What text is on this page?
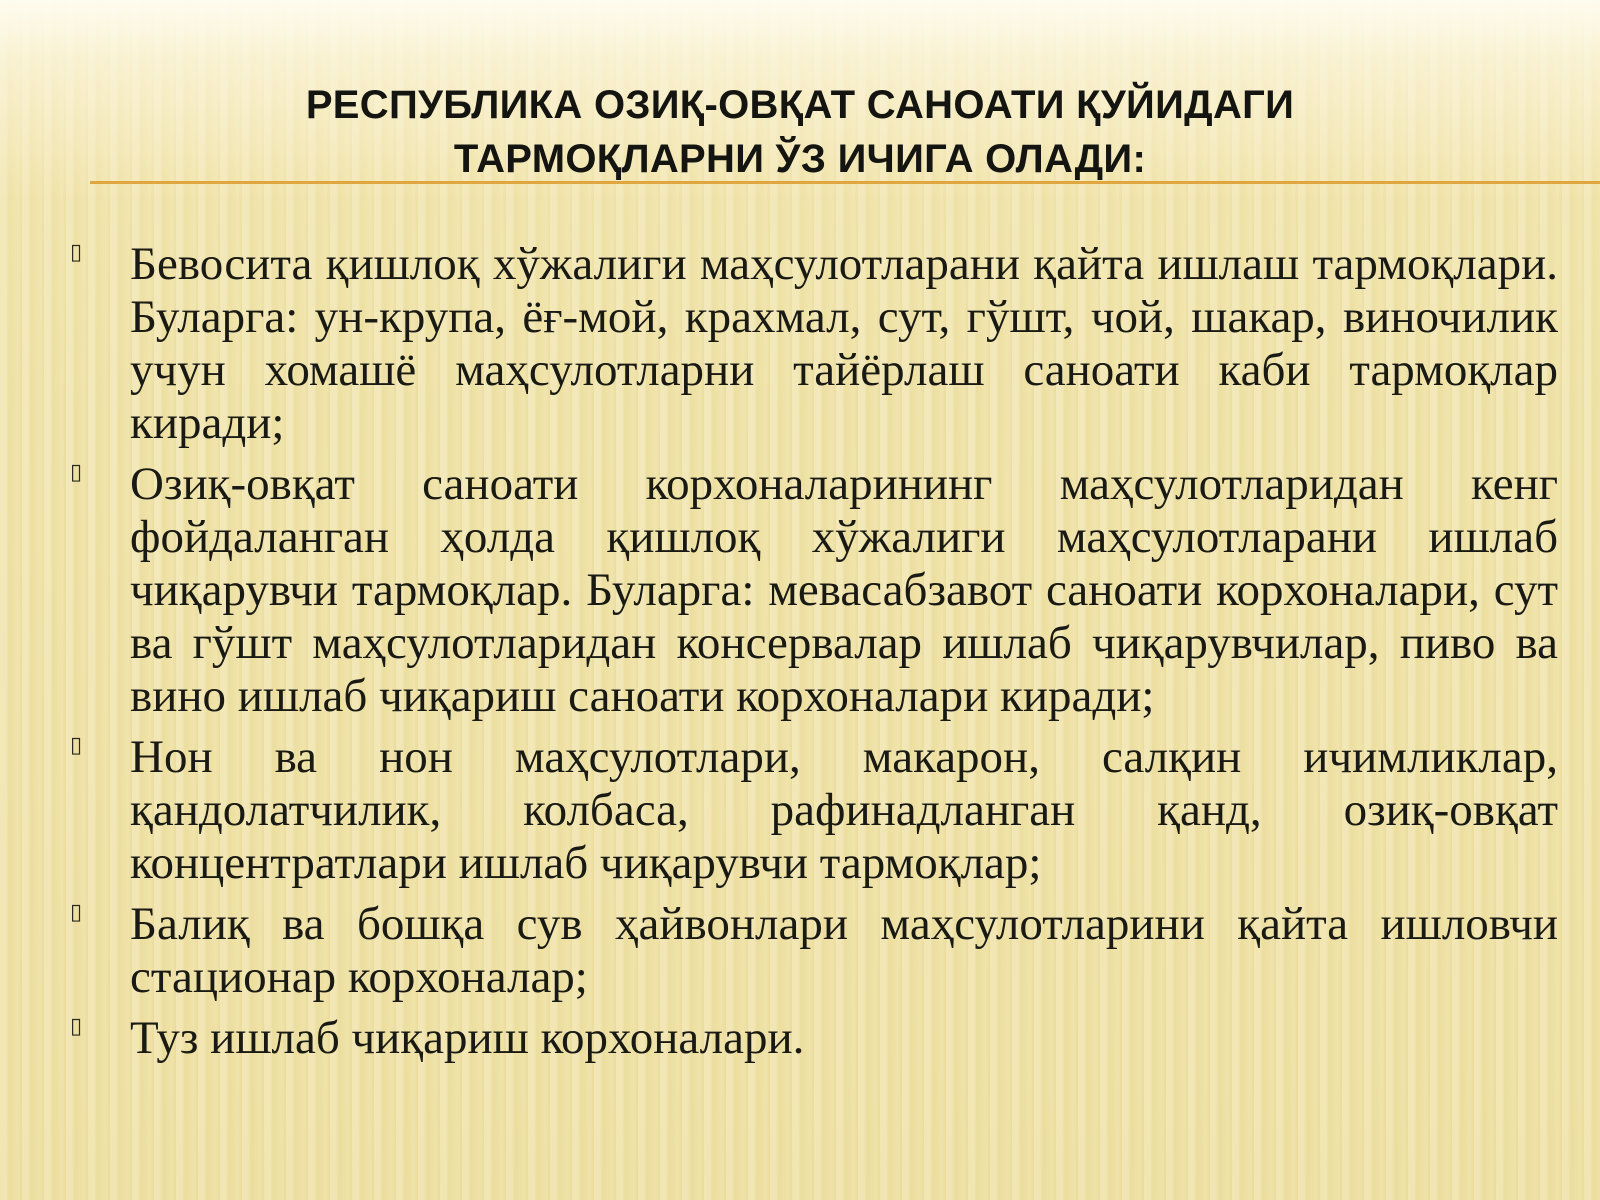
РЕСПУБЛИКА ОЗИҚ-ОВҚАТ САНОАТИ ҚУЙИДАГИ
ТАРМОҚЛАРНИ ЎЗ ИЧИГА ОЛАДИ:
▯ Бевосита қишлоқ хўжалиги маҳсулотларани қайта ишлаш тармоқлари. Буларга: ун-крупа, ёғ-мой, крахмал, сут, гўшт, чой, шакар, виночилик учун хомашё маҳсулотларни тайёрлаш саноати каби тармоқлар киради;
▯ Озиқ-овқат саноати корхоналарининг маҳсулотларидан кенг фойдаланган ҳолда қишлоқ хўжалиги маҳсулотларани ишлаб чиқарувчи тармоқлар. Буларга: мевасабзавот саноати корхоналари, сут ва гўшт маҳсулотларидан консервалар ишлаб чиқарувчилар, пиво ва вино ишлаб чиқариш саноати корхоналари киради;
▯ Нон ва нон маҳсулотлари, макарон, салқин ичимликлар, қандолатчилик, колбаса, рафинадланган қанд, озиқ-овқат концентратлари ишлаб чиқарувчи тармоқлар;
▯ Балиқ ва бошқа сув ҳайвонлари маҳсулотларини қайта ишловчи стационар корхоналар;
▯ Туз ишлаб чиқариш корхоналари.
